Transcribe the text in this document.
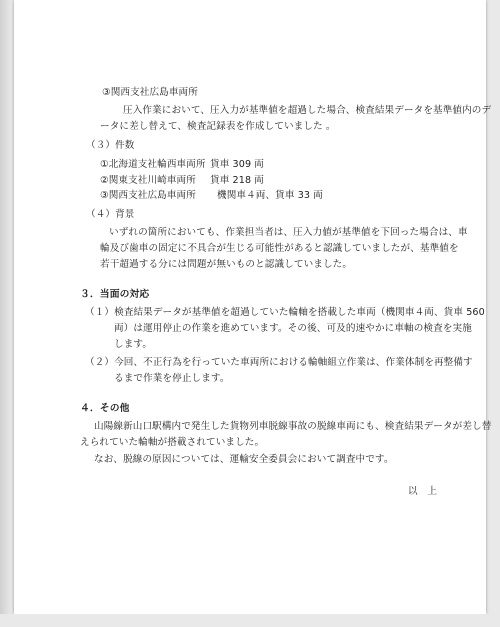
③関西支社広島車両所
圧入作業において、圧入力が基準値を超過した場合、検査結果データを基準値内のデ
ータに差し替えて、検査記録表を作成していました 。
（３）件数
①北海道支社輪西車両所 貨車 309 両
②関東支社川崎車両所 貨車 218 両
③関西支社広島車両所 機関車４両、貨車 33 両
（４）背景
いずれの箇所においても、作業担当者は、圧入力値が基準値を下回った場合は、車
輪及び歯車の固定に不具合が生じる可能性があると認識していましたが、基準値を
若干超過する分には問題が無いものと認識していました。
３．当面の対応
（１）検査結果データが基準値を超過していた輪軸を搭載した車両（機関車４両、貨車 560
両）は運用停止の作業を進めています。その後、可及的速やかに車軸の検査を実施
します。
（２）今回、不正行為を行っていた車両所における輪軸組立作業は、作業体制を再整備す
るまで作業を停止します。
４．その他
山陽線新山口駅構内で発生した貨物列車脱線事故の脱線車両にも、検査結果データが差し替
えられていた輪軸が搭載されていました。
なお、脱線の原因については、運輸安全委員会において調査中です。
以　上
